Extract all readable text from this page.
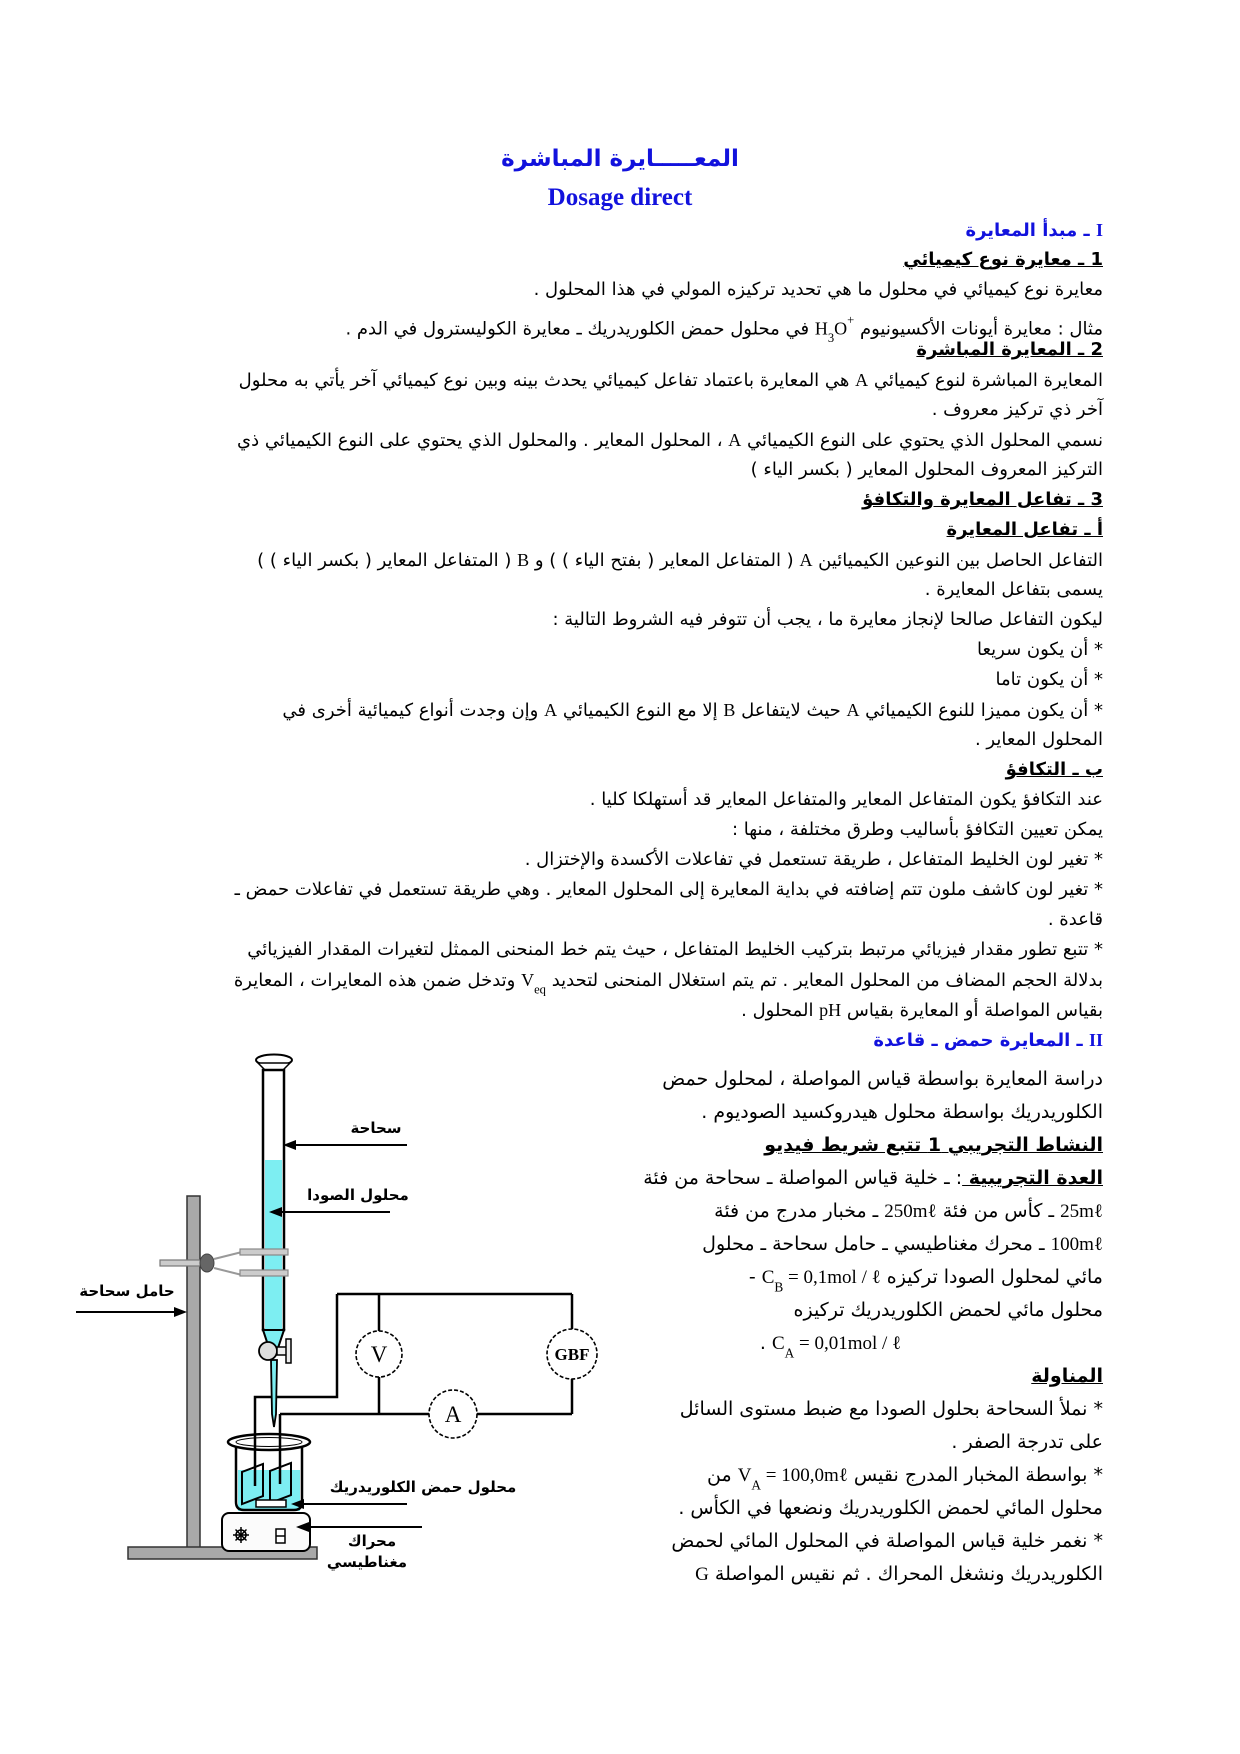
المعـــــايرة المباشرة
Dosage direct
I ـ مبدأ المعايرة
1 ـ معايرة نوع كيميائي
معايرة نوع كيميائي في محلول ما هي تحديد تركيزه المولي في هذا المحلول .
مثال : معايرة أيونات الأكسيونيوم $H_3O^+$ في محلول حمض الكلوريدريك ـ معايرة الكوليسترول في الدم .
2 ـ المعايرة المباشرة
المعايرة المباشرة لنوع كيميائي A هي المعايرة باعتماد تفاعل كيميائي يحدث بينه وبين نوع كيميائي آخر يأتي به محلول
آخر ذي تركيز معروف .
نسمي المحلول الذي يحتوي على النوع الكيميائي A ، المحلول المعاير . والمحلول الذي يحتوي على النوع الكيميائي ذي
التركيز المعروف المحلول المعاير ( بكسر الياء )
3 ـ تفاعل المعايرة والتكافؤ
أ ـ تفاعل المعايرة
التفاعل الحاصل بين النوعين الكيميائين A ( المتفاعل المعاير ( بفتح الياء ) ) و B ( المتفاعل المعاير ( بكسر الياء ) )
يسمى بتفاعل المعايرة .
ليكون التفاعل صالحا لإنجاز معايرة ما ، يجب أن تتوفر فيه الشروط التالية :
* أن يكون سريعا
* أن يكون تاما
* أن يكون مميزا للنوع الكيميائي A حيث لايتفاعل B إلا مع النوع الكيميائي A وإن وجدت أنواع كيميائية أخرى في
المحلول المعاير .
ب ـ التكافؤ
عند التكافؤ يكون المتفاعل المعاير والمتفاعل المعاير قد أستهلكا كليا .
يمكن تعيين التكافؤ بأساليب وطرق مختلفة ، منها :
* تغير لون الخليط المتفاعل ، طريقة تستعمل في تفاعلات الأكسدة والإختزال .
* تغير لون كاشف ملون تتم إضافته في بداية المعايرة إلى المحلول المعاير . وهي طريقة تستعمل في تفاعلات حمض ـ
قاعدة .
* تتبع تطور مقدار فيزيائي مرتبط بتركيب الخليط المتفاعل ، حيث يتم خط المنحنى الممثل لتغيرات المقدار الفيزيائي
بدلالة الحجم المضاف من المحلول المعاير . تم يتم استغلال المنحنى لتحديد $V_{eq}$ وتدخل ضمن هذه المعايرات ، المعايرة
بقياس المواصلة أو المعايرة بقياس pH المحلول .
II ـ المعايرة حمض ـ قاعدة
دراسة المعايرة بواسطة قياس المواصلة ، لمحلول حمض
الكلوريدريك بواسطة محلول هيدروكسيد الصوديوم .
النشاط التجريبي 1 تتبع شريط فيديو
العدة التجريبية : ـ خلية قياس المواصلة ـ سحاحة من فئة
25mℓ ـ كأس من فئة 250mℓ ـ مخبار مدرج من فئة
100mℓ ـ محرك مغناطيسي ـ حامل سحاحة ـ محلول
مائي لمحلول الصودا تركيزه $C_B = 0,1mol$ / ℓ -
محلول مائي لحمض الكلوريدريك تركيزه
$C_A = 0,01mol$ / ℓ .
المناولة
* نملأ السحاحة بحلول الصودا مع ضبط مستوى السائل
على تدرجة الصفر .
* بواسطة المخبار المدرج نقيس $V_A$ = 100,0mℓ من
محلول المائي لحمض الكلوريدريك ونضعها في الكأس .
* نغمر خلية قياس المواصلة في المحلول المائي لحمض
الكلوريدريك ونشغل المحراك . ثم نقيس المواصلة G
V
A
GBF
سحاحة
محلول الصودا
حامل سحاحة
محلول حمض الكلوريدريك
محراك
مغناطيسي
